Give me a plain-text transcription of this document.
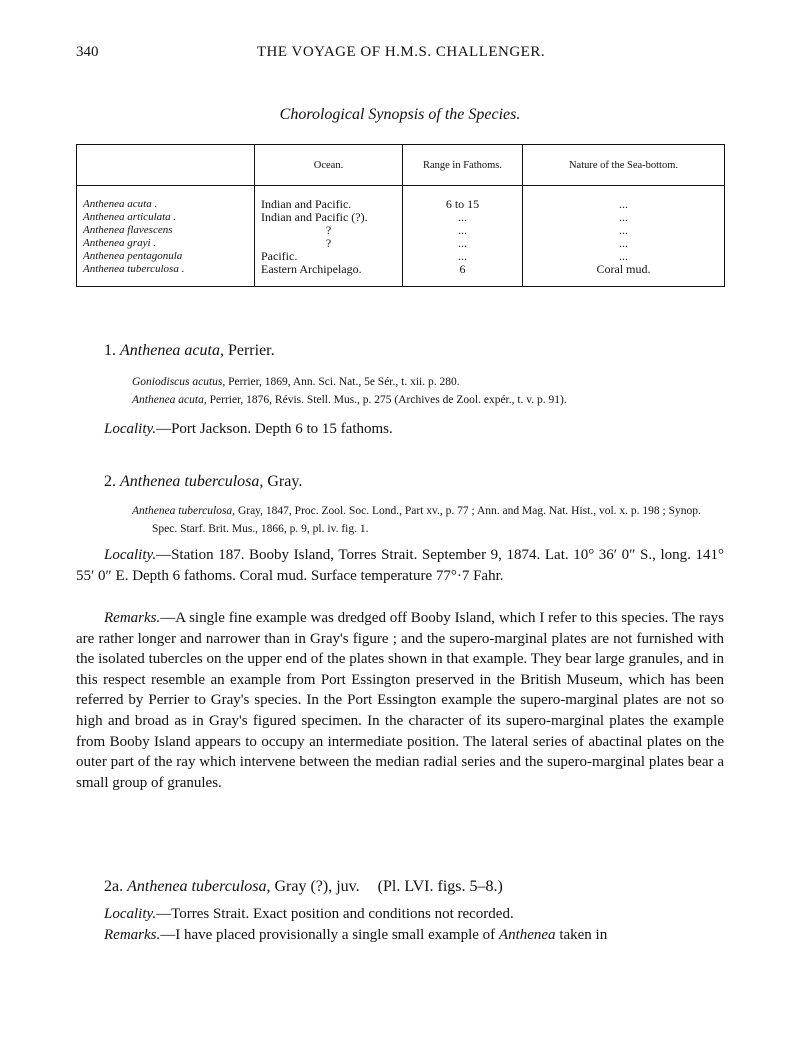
340	THE VOYAGE OF H.M.S. CHALLENGER.
Chorological Synopsis of the Species.
	Ocean.	Range in Fathoms.	Nature of the Sea-bottom.
Anthenea acuta .	Indian and Pacific.	6 to 15	...
Anthenea articulata .	Indian and Pacific (?).	...	...
Anthenea flavescens	?	...	...
Anthenea grayi .	?	...	...
Anthenea pentagonula	Pacific.	...	...
Anthenea tuberculosa .	Eastern Archipelago.	6	Coral mud.
1. Anthenea acuta, Perrier.
Goniodiscus acutus, Perrier, 1869, Ann. Sci. Nat., 5e Sér., t. xii. p. 280.
Anthenea acuta, Perrier, 1876, Révis. Stell. Mus., p. 275 (Archives de Zool. expér., t. v. p. 91).
Locality.—Port Jackson. Depth 6 to 15 fathoms.
2. Anthenea tuberculosa, Gray.
Anthenea tuberculosa, Gray, 1847, Proc. Zool. Soc. Lond., Part xv., p. 77 ; Ann. and Mag. Nat. Hist., vol. x. p. 198 ; Synop. Spec. Starf. Brit. Mus., 1866, p. 9, pl. iv. fig. 1.
Locality.—Station 187. Booby Island, Torres Strait. September 9, 1874. Lat. 10° 36′ 0″ S., long. 141° 55′ 0″ E. Depth 6 fathoms. Coral mud. Surface temperature 77°·7 Fahr.
Remarks.—A single fine example was dredged off Booby Island, which I refer to this species. The rays are rather longer and narrower than in Gray's figure ; and the supero-marginal plates are not furnished with the isolated tubercles on the upper end of the plates shown in that example. They bear large granules, and in this respect resemble an example from Port Essington preserved in the British Museum, which has been referred by Perrier to Gray's species. In the Port Essington example the supero-marginal plates are not so high and broad as in Gray's figured specimen. In the character of its supero-marginal plates the example from Booby Island appears to occupy an intermediate position. The lateral series of abactinal plates on the outer part of the ray which intervene between the median radial series and the supero-marginal plates bear a small group of granules.
2a. Anthenea tuberculosa, Gray (?), juv. (Pl. LVI. figs. 5–8.)
Locality.—Torres Strait. Exact position and conditions not recorded.
Remarks.—I have placed provisionally a single small example of Anthenea taken in
